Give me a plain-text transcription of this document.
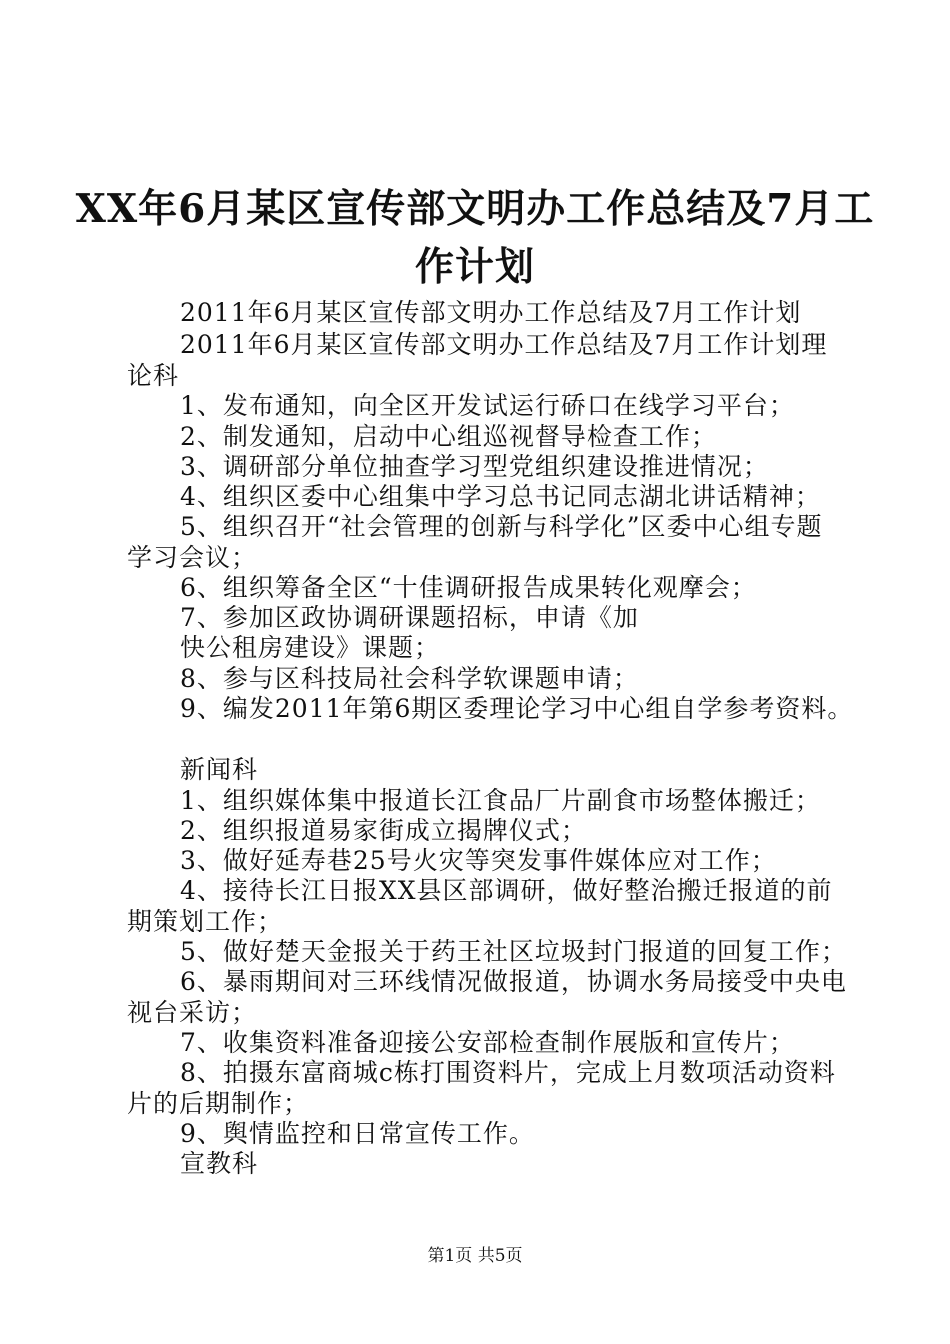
XX年6月某区宣传部文明办工作总结及7月工
作计划
2011年6月某区宣传部文明办工作总结及7月工作计划
2011年6月某区宣传部文明办工作总结及7月工作计划理
论科
1、发布通知，向全区开发试运行硚口在线学习平台；
2、制发通知，启动中心组巡视督导检查工作；
3、调研部分单位抽查学习型党组织建设推进情况；
4、组织区委中心组集中学习总书记同志湖北讲话精神；
5、组织召开“社会管理的创新与科学化”区委中心组专题
学习会议；
6、组织筹备全区“十佳调研报告成果转化观摩会；
7、参加区政协调研课题招标，申请《加
快公租房建设》课题；
8、参与区科技局社会科学软课题申请；
9、编发2011年第6期区委理论学习中心组自学参考资料。
新闻科
1、组织媒体集中报道长江食品厂片副食市场整体搬迁；
2、组织报道易家街成立揭牌仪式；
3、做好延寿巷25号火灾等突发事件媒体应对工作；
4、接待长江日报XX县区部调研，做好整治搬迁报道的前
期策划工作；
5、做好楚天金报关于药王社区垃圾封门报道的回复工作；
6、暴雨期间对三环线情况做报道，协调水务局接受中央电
视台采访；
7、收集资料准备迎接公安部检查制作展版和宣传片；
8、拍摄东富商城c栋打围资料片，完成上月数项活动资料
片的后期制作；
9、舆情监控和日常宣传工作。
宣教科
第1页 共5页
